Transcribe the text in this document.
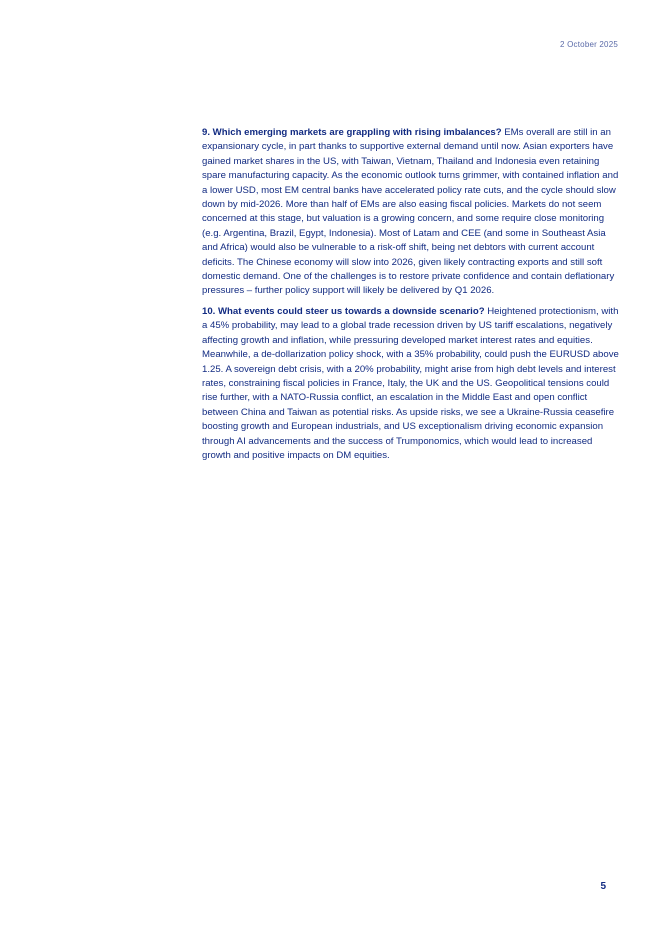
2 October 2025

9. Which emerging markets are grappling with rising imbalances? EMs overall are still in an expansionary cycle, in part thanks to supportive external demand until now. Asian exporters have gained market shares in the US, with Taiwan, Vietnam, Thailand and Indonesia even retaining spare manufacturing capacity. As the economic outlook turns grimmer, with contained inflation and a lower USD, most EM central banks have accelerated policy rate cuts, and the cycle should slow down by mid-2026. More than half of EMs are also easing fiscal policies. Markets do not seem concerned at this stage, but valuation is a growing concern, and some require close monitoring (e.g. Argentina, Brazil, Egypt, Indonesia). Most of Latam and CEE (and some in Southeast Asia and Africa) would also be vulnerable to a risk-off shift, being net debtors with current account deficits. The Chinese economy will slow into 2026, given likely contracting exports and still soft domestic demand. One of the challenges is to restore private confidence and contain deflationary pressures – further policy support will likely be delivered by Q1 2026.

10. What events could steer us towards a downside scenario? Heightened protectionism, with a 45% probability, may lead to a global trade recession driven by US tariff escalations, negatively affecting growth and inflation, while pressuring developed market interest rates and equities. Meanwhile, a de-dollarization policy shock, with a 35% probability, could push the EURUSD above 1.25. A sovereign debt crisis, with a 20% probability, might arise from high debt levels and interest rates, constraining fiscal policies in France, Italy, the UK and the US. Geopolitical tensions could rise further, with a NATO-Russia conflict, an escalation in the Middle East and open conflict between China and Taiwan as potential risks. As upside risks, we see a Ukraine-Russia ceasefire boosting growth and European industrials, and US exceptionalism driving economic expansion through AI advancements and the success of Trumponomics, which would lead to increased growth and positive impacts on DM equities.

5
